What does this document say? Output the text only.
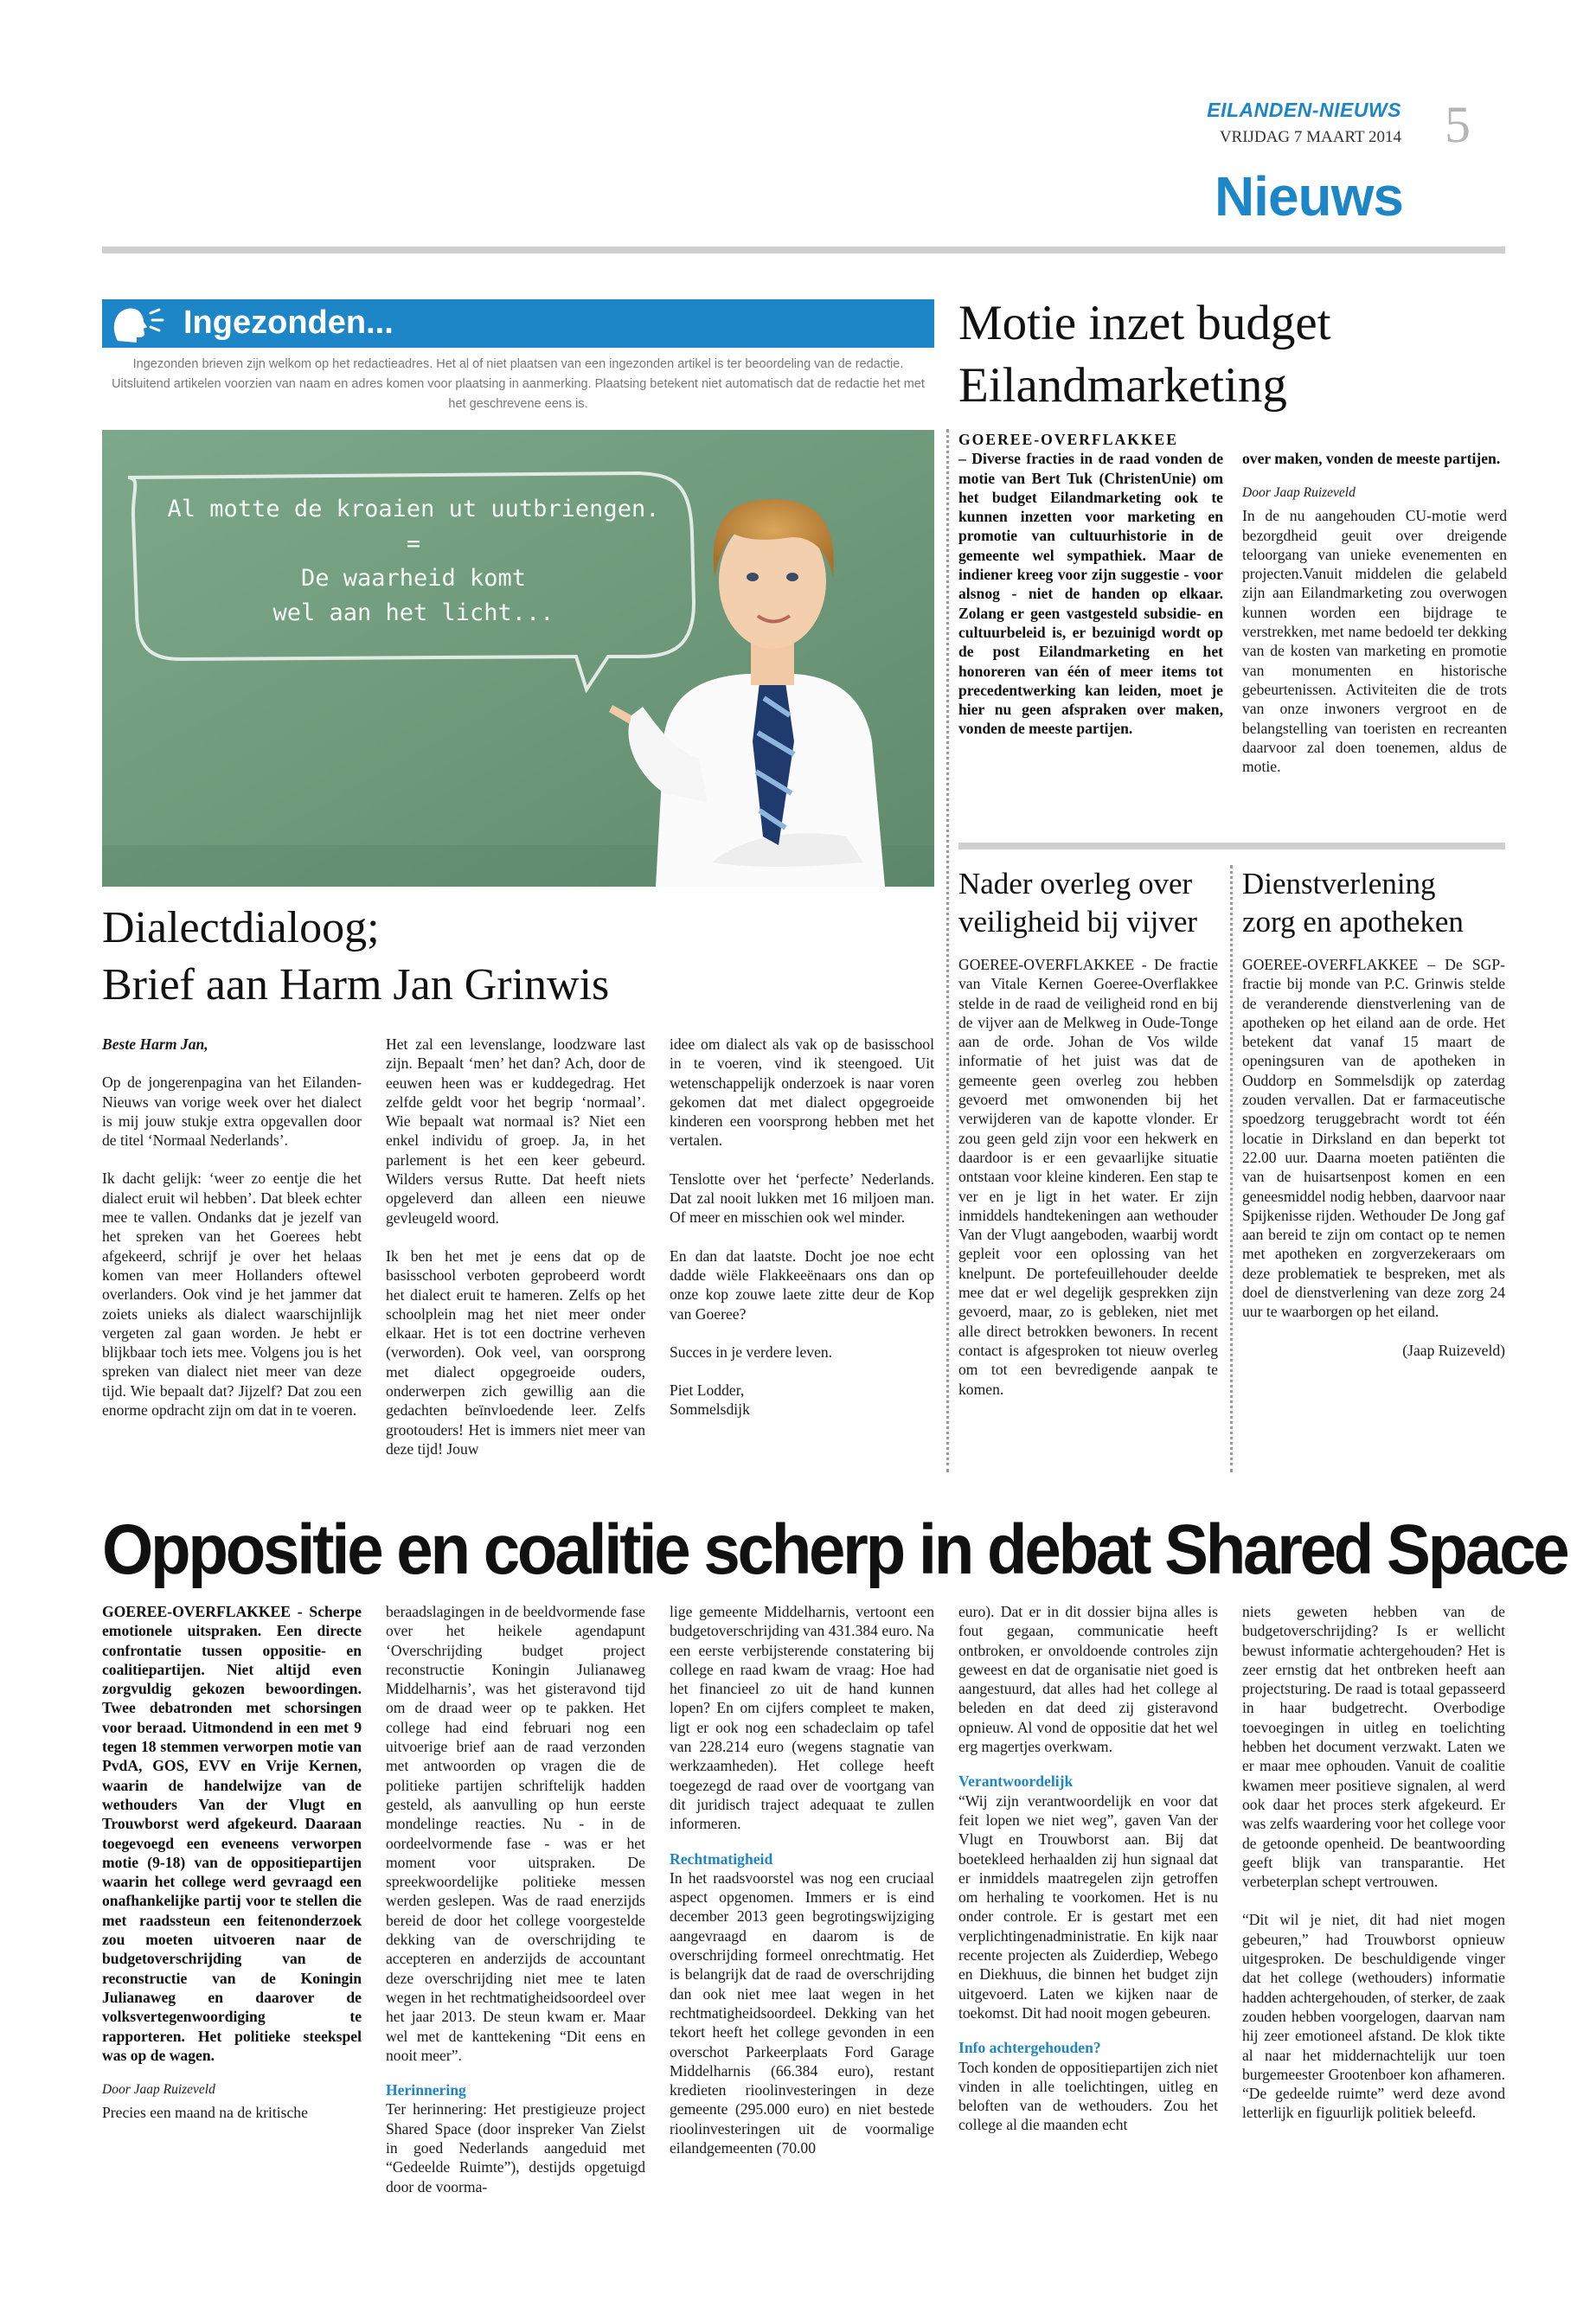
EILANDEN-NIEUWS
VRIJDAG 7 MAART 2014 5
Nieuws
Ingezonden...
Ingezonden brieven zijn welkom op het redactieadres. Het al of niet plaatsen van een ingezonden artikel is ter beoordeling van de redactie. Uitsluitend artikelen voorzien van naam en adres komen voor plaatsing in aanmerking. Plaatsing betekent niet automatisch dat de redactie het met het geschrevene eens is.
Al motte de kroaien ut uutbriengen.
=
De waarheid komt
wel aan het licht...
Dialectdialoog;
Brief aan Harm Jan Grinwis

Beste Harm Jan,

Op de jongerenpagina van het Eilanden-Nieuws van vorige week over het dialect is mij jouw stukje extra opgevallen door de titel ‘Normaal Nederlands’.

Ik dacht gelijk: ‘weer zo eentje die het dialect eruit wil hebben’. Dat bleek echter mee te vallen. Ondanks dat je jezelf van het spreken van het Goerees hebt afgekeerd, schrijf je over het helaas komen van meer Hollanders oftewel overlanders. Ook vind je het jammer dat zoiets unieks als dialect waarschijnlijk vergeten zal gaan worden. Je hebt er blijkbaar toch iets mee. Volgens jou is het spreken van dialect niet meer van deze tijd. Wie bepaalt dat? Jijzelf? Dat zou een enorme opdracht zijn om dat in te voeren.

Het zal een levenslange, loodzware last zijn. Bepaalt ‘men’ het dan? Ach, door de eeuwen heen was er kuddegedrag. Het zelfde geldt voor het begrip ‘normaal’. Wie bepaalt wat normaal is? Niet een enkel individu of groep. Ja, in het parlement is het een keer gebeurd. Wilders versus Rutte. Dat heeft niets opgeleverd dan alleen een nieuwe gevleugeld woord.

Ik ben het met je eens dat op de basisschool verboten geprobeerd wordt het dialect eruit te hameren. Zelfs op het schoolplein mag het niet meer onder elkaar. Het is tot een doctrine verheven (verworden). Ook veel, van oorsprong met dialect opgegroeide ouders, onderwerpen zich gewillig aan die gedachten beïnvloedende leer. Zelfs grootouders! Het is immers niet meer van deze tijd! Jouw

idee om dialect als vak op de basisschool in te voeren, vind ik steengoed. Uit wetenschappelijk onderzoek is naar voren gekomen dat met dialect opgegroeide kinderen een voorsprong hebben met het vertalen.

Tenslotte over het ‘perfecte’ Nederlands. Dat zal nooit lukken met 16 miljoen man. Of meer en misschien ook wel minder.

En dan dat laatste. Docht joe noe echt dadde wiële Flakkeeënaars ons dan op onze kop zouwe laete zitte deur de Kop van Goeree?

Succes in je verdere leven.

Piet Lodder,

Sommelsdijk

Motie inzet budget
Eilandmarketing
GOEREE-OVERFLAKKEE
– Diverse fracties in de raad vonden de motie van Bert Tuk (ChristenUnie) om het budget Eilandmarketing ook te kunnen inzetten voor marketing en promotie van cultuurhistorie in de gemeente wel sympathiek. Maar de indiener kreeg voor zijn suggestie - voor alsnog - niet de handen op elkaar. Zolang er geen vastgesteld subsidie- en cultuurbeleid is, er bezuinigd wordt op de post Eilandmarketing en het honoreren van één of meer items tot precedentwerking kan leiden, moet je hier nu geen afspraken over maken, vonden de meeste partijen.
over maken, vonden de meeste partijen.
Door Jaap Ruizeveld

In de nu aangehouden CU-motie werd bezorgdheid geuit over dreigende teloorgang van unieke evenementen en projecten.Vanuit middelen die gelabeld zijn aan Eilandmarketing zou overwogen kunnen worden een bijdrage te verstrekken, met name bedoeld ter dekking van de kosten van marketing en promotie van monumenten en historische gebeurtenissen. Activiteiten die de trots van onze inwoners vergroot en de belangstelling van toeristen en recreanten daarvoor zal doen toenemen, aldus de motie.

Nader overleg over
veiligheid bij vijver

GOEREE-OVERFLAKKEE - De fractie van Vitale Kernen Goeree-Overflakkee stelde in de raad de veiligheid rond en bij de vijver aan de Melkweg in Oude-Tonge aan de orde. Johan de Vos wilde informatie of het juist was dat de gemeente geen overleg zou hebben gevoerd met omwonenden bij het verwijderen van de kapotte vlonder. Er zou geen geld zijn voor een hekwerk en daardoor is er een gevaarlijke situatie ontstaan voor kleine kinderen. Een stap te ver en je ligt in het water. Er zijn inmiddels handtekeningen aan wethouder Van der Vlugt aangeboden, waarbij wordt gepleit voor een oplossing van het knelpunt. De portefeuillehouder deelde mee dat er wel degelijk gesprekken zijn gevoerd, maar, zo is gebleken, niet met alle direct betrokken bewoners. In recent contact is afgesproken tot nieuw overleg om tot een bevredigende aanpak te komen.

Dienstverlening
zorg en apotheken

GOEREE-OVERFLAKKEE – De SGP-fractie bij monde van P.C. Grinwis stelde de veranderende dienstverlening van de apotheken op het eiland aan de orde. Het betekent dat vanaf 15 maart de openingsuren van de apotheken in Ouddorp en Sommelsdijk op zaterdag zouden vervallen. Dat er farmaceutische spoedzorg teruggebracht wordt tot één locatie in Dirksland en dan beperkt tot 22.00 uur. Daarna moeten patiënten die van de huisartsenpost komen en een geneesmiddel nodig hebben, daarvoor naar Spijkenisse rijden. Wethouder De Jong gaf aan bereid te zijn om contact op te nemen met apotheken en zorgverzekeraars om deze problematiek te bespreken, met als doel de dienstverlening van deze zorg 24 uur te waarborgen op het eiland.

(Jaap Ruizeveld)

Oppositie en coalitie scherp in debat Shared Space
GOEREE-OVERFLAKKEE - Scherpe emotionele uitspraken. Een directe confrontatie tussen oppositie- en coalitiepartijen. Niet altijd even zorgvuldig gekozen bewoordingen. Twee debatronden met schorsingen voor beraad. Uitmondend in een met 9 tegen 18 stemmen verworpen motie van PvdA, GOS, EVV en Vrije Kernen, waarin de handelwijze van de wethouders Van der Vlugt en Trouwborst werd afgekeurd. Daaraan toegevoegd een eveneens verworpen motie (9-18) van de oppositiepartijen waarin het college werd gevraagd een onafhankelijke partij voor te stellen die met raadssteun een feitenonderzoek zou moeten uitvoeren naar de budgetoverschrijding van de reconstructie van de Koningin Julianaweg en daarover de volksvertegenwoordiging te rapporteren. Het politieke steekspel was op de wagen.
Door Jaap Ruizeveld

Precies een maand na de kritische

beraadslagingen in de beeldvormende fase over het heikele agendapunt ‘Overschrijding budget project reconstructie Koningin Julianaweg Middelharnis’, was het gisteravond tijd om de draad weer op te pakken. Het college had eind februari nog een uitvoerige brief aan de raad verzonden met antwoorden op vragen die de politieke partijen schriftelijk hadden gesteld, als aanvulling op hun eerste mondelinge reacties. Nu - in de oordeelvormende fase - was er het moment voor uitspraken. De spreekwoordelijke politieke messen werden geslepen. Was de raad enerzijds bereid de door het college voorgestelde dekking van de overschrijding te accepteren en anderzijds de accountant deze overschrijding niet mee te laten wegen in het rechtmatigheidsoordeel over het jaar 2013. De steun kwam er. Maar wel met de kanttekening “Dit eens en nooit meer”.

Herinnering

Ter herinnering: Het prestigieuze project Shared Space (door inspreker Van Zielst in goed Nederlands aangeduid met “Gedeelde Ruimte”), destijds opgetuigd door de voorma-

lige gemeente Middelharnis, vertoont een budgetoverschrijding van 431.384 euro. Na een eerste verbijsterende constatering bij college en raad kwam de vraag: Hoe had het financieel zo uit de hand kunnen lopen? En om cijfers compleet te maken, ligt er ook nog een schadeclaim op tafel van 228.214 euro (wegens stagnatie van werkzaamheden). Het college heeft toegezegd de raad over de voortgang van dit juridisch traject adequaat te zullen informeren.

Rechtmatigheid

In het raadsvoorstel was nog een cruciaal aspect opgenomen. Immers er is eind december 2013 geen begrotingswijziging aangevraagd en daarom is de overschrijding formeel onrechtmatig. Het is belangrijk dat de raad de overschrijding dan ook niet mee laat wegen in het rechtmatigheidsoordeel. Dekking van het tekort heeft het college gevonden in een overschot Parkeerplaats Ford Garage Middelharnis (66.384 euro), restant kredieten rioolinvesteringen in deze gemeente (295.000 euro) en niet bestede rioolinvesteringen uit de voormalige eilandgemeenten (70.00

euro). Dat er in dit dossier bijna alles is fout gegaan, communicatie heeft ontbroken, er onvoldoende controles zijn geweest en dat de organisatie niet goed is aangestuurd, dat alles had het college al beleden en dat deed zij gisteravond opnieuw. Al vond de oppositie dat het wel erg magertjes overkwam.

Verantwoordelijk

“Wij zijn verantwoordelijk en voor dat feit lopen we niet weg”, gaven Van der Vlugt en Trouwborst aan. Bij dat boetekleed herhaalden zij hun signaal dat er inmiddels maatregelen zijn getroffen om herhaling te voorkomen. Het is nu onder controle. Er is gestart met een verplichtingenadministratie. En kijk naar recente projecten als Zuiderdiep, Webego en Diekhuus, die binnen het budget zijn uitgevoerd. Laten we kijken naar de toekomst. Dit had nooit mogen gebeuren.

Info achtergehouden?

Toch konden de oppositiepartijen zich niet vinden in alle toelichtingen, uitleg en beloften van de wethouders. Zou het college al die maanden echt

niets geweten hebben van de budgetoverschrijding? Is er wellicht bewust informatie achtergehouden? Het is zeer ernstig dat het ontbreken heeft aan projectsturing. De raad is totaal gepasseerd in haar budgetrecht. Overbodige toevoegingen in uitleg en toelichting hebben het document verzwakt. Laten we er maar mee ophouden. Vanuit de coalitie kwamen meer positieve signalen, al werd ook daar het proces sterk afgekeurd. Er was zelfs waardering voor het college voor de getoonde openheid. De beantwoording geeft blijk van transparantie. Het verbeterplan schept vertrouwen.

“Dit wil je niet, dit had niet mogen gebeuren,” had Trouwborst opnieuw uitgesproken. De beschuldigende vinger dat het college (wethouders) informatie hadden achtergehouden, of sterker, de zaak zouden hebben voorgelogen, daarvan nam hij zeer emotioneel afstand. De klok tikte al naar het middernachtelijk uur toen burgemeester Grootenboer kon afhameren. “De gedeelde ruimte” werd deze avond letterlijk en figuurlijk politiek beleefd.
